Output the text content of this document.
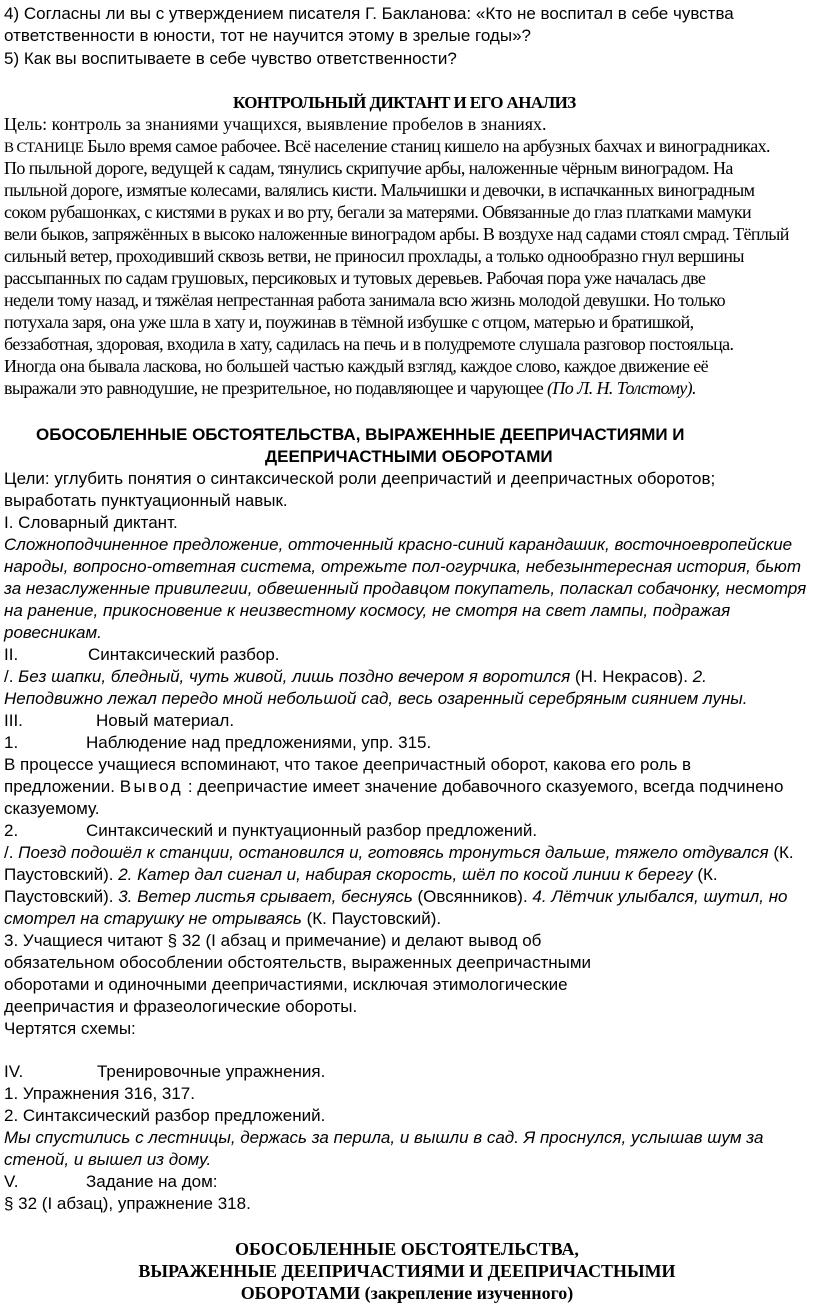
4) Согласны ли вы с утверждением писателя Г. Бакланова: «Кто не воспитал в себе чувства
ответственности в юности, тот не научится этому в зрелые годы»?
5) Как вы воспитываете в себе чувство ответственности?
КОНТРОЛЬНЫЙ ДИКТАНТ И ЕГО АНАЛИЗ
Цель: контроль за знаниями учащихся, выявление пробелов в знаниях.
В СТАНИЦЕ Было время самое рабочее. Всё население станиц кишело на арбузных бахчах и виноградниках.
По пыльной дороге, ведущей к садам, тянулись скрипучие арбы, наложенные чёрным виноградом. На
пыльной дороге, измятые колесами, валялись кисти. Мальчишки и девочки, в испачканных виноградным
соком рубашонках, с кистями в руках и во рту, бегали за матерями. Обвязанные до глаз платками мамуки
вели быков, запряжённых в высоко наложенные виноградом арбы. В воздухе над садами стоял смрад. Тёплый
сильный ветер, проходивший сквозь ветви, не приносил прохлады, а только однообразно гнул вершины
рассыпанных по садам грушовых, персиковых и тутовых деревьев. Рабочая пора уже началась две
недели тому назад, и тяжёлая непрестанная работа занимала всю жизнь молодой девушки. Но только
потухала заря, она уже шла в хату и, поужинав в тёмной избушке с отцом, матерью и братишкой,
беззаботная, здоровая, входила в хату, садилась на печь и в полудремоте слушала разговор постояльца.
Иногда она бывала ласкова, но большей частью каждый взгляд, каждое слово, каждое движение её
выражали это равнодушие, не презрительное, но подавляющее и чарующее (По Л. Н. Толстому).
ОБОСОБЛЕННЫЕ ОБСТОЯТЕЛЬСТВА, ВЫРАЖЕННЫЕ ДЕЕПРИЧАСТИЯМИ И
ДЕЕПРИЧАСТНЫМИ ОБОРОТАМИ
Цели: углубить понятия о синтаксической роли деепричастий и деепричастных оборотов;
выработать пунктуационный навык.
I. Словарный диктант.
Сложноподчиненное предложение, отточенный красно-синий карандашик, восточноевропейские
народы, вопросно-ответная система, отрежьте пол-огурчика, небезынтересная история, бьют
за незаслуженные привилегии, обвешенный продавцом покупатель, поласкал собачонку, несмотря
на ранение, прикосновение к неизвестному космосу, не смотря на свет лампы, подражая
ровесникам.
II.	Синтаксический разбор.
/. Без шапки, бледный, чуть живой, лишь поздно вечером я воротился (Н. Некрасов). 2.
Неподвижно лежал передо мной небольшой сад, весь озаренный серебряным сиянием луны.
III.	Новый материал.
1.	Наблюдение над предложениями, упр. 315.
В процессе учащиеся вспоминают, что такое деепричастный оборот, какова его роль в
предложении. Вывод : деепричастие имеет значение добавочного сказуемого, всегда подчинено
сказуемому.
2.	Синтаксический и пунктуационный разбор предложений.
/. Поезд подошёл к станции, остановился и, готовясь тронуться дальше, тяжело отдувался (К.
Паустовский). 2. Катер дал сигнал и, набирая скорость, шёл по косой линии к берегу (К.
Паустовский). 3. Ветер листья срывает, беснуясь (Овсянников). 4. Лётчик улыбался, шутил, но
смотрел на старушку не отрываясь (К. Паустовский).
3. Учащиеся читают § 32 (I абзац и примечание) и делают вывод об
обязательном обособлении обстоятельств, выраженных деепричастными
оборотами и одиночными деепричастиями, исключая этимологические
деепричастия и фразеологические обороты.
Чертятся схемы:
IV.	Тренировочные упражнения.
1. Упражнения 316, 317.
2. Синтаксический разбор предложений.
Мы спустились с лестницы, держась за перила, и вышли в сад. Я проснулся, услышав шум за
стеной, и вышел из дому.
V.	Задание на дом:
§ 32 (I абзац), упражнение 318.
ОБОСОБЛЕННЫЕ ОБСТОЯТЕЛЬСТВА,
ВЫРАЖЕННЫЕ ДЕЕПРИЧАСТИЯМИ И ДЕЕПРИЧАСТНЫМИ
ОБОРОТАМИ (закрепление изученного)
